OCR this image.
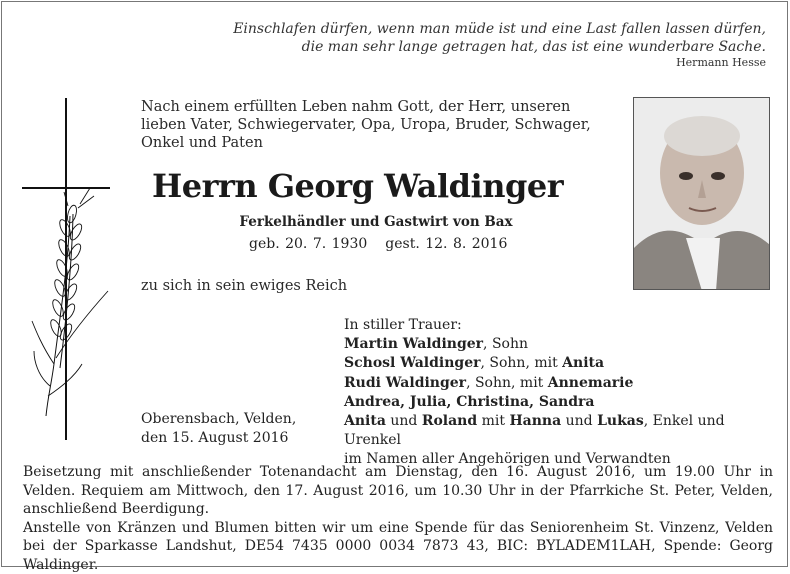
Einschlafen dürfen, wenn man müde ist und eine Last fallen lassen dürfen,
die man sehr lange getragen hat, das ist eine wunderbare Sache.
Hermann Hesse
Nach einem erfüllten Leben nahm Gott, der Herr, unseren lieben Vater, Schwiegervater, Opa, Uropa, Bruder, Schwager, Onkel und Paten
Herrn Georg Waldinger
Ferkelhändler und Gastwirt von Bax
geb. 20. 7. 1930 gest. 12. 8. 2016
zu sich in sein ewiges Reich
In stiller Trauer:
Martin Waldinger, Sohn
Schosl Waldinger, Sohn, mit Anita
Rudi Waldinger, Sohn, mit Annemarie
Andrea, Julia, Christina, Sandra
Anita und Roland mit Hanna und Lukas, Enkel und Urenkel
im Namen aller Angehörigen und Verwandten
Oberensbach, Velden,
den 15. August 2016
Beisetzung mit anschließender Totenandacht am Dienstag, den 16. August 2016, um 19.00 Uhr in Velden. Requiem am Mittwoch, den 17. August 2016, um 10.30 Uhr in der Pfarrkiche St. Peter, Velden, anschließend Beerdigung.
Anstelle von Kränzen und Blumen bitten wir um eine Spende für das Seniorenheim St. Vinzenz, Velden bei der Sparkasse Landshut, DE54 7435 0000 0034 7873 43, BIC: BYLADEM1LAH, Spende: Georg Waldinger.
